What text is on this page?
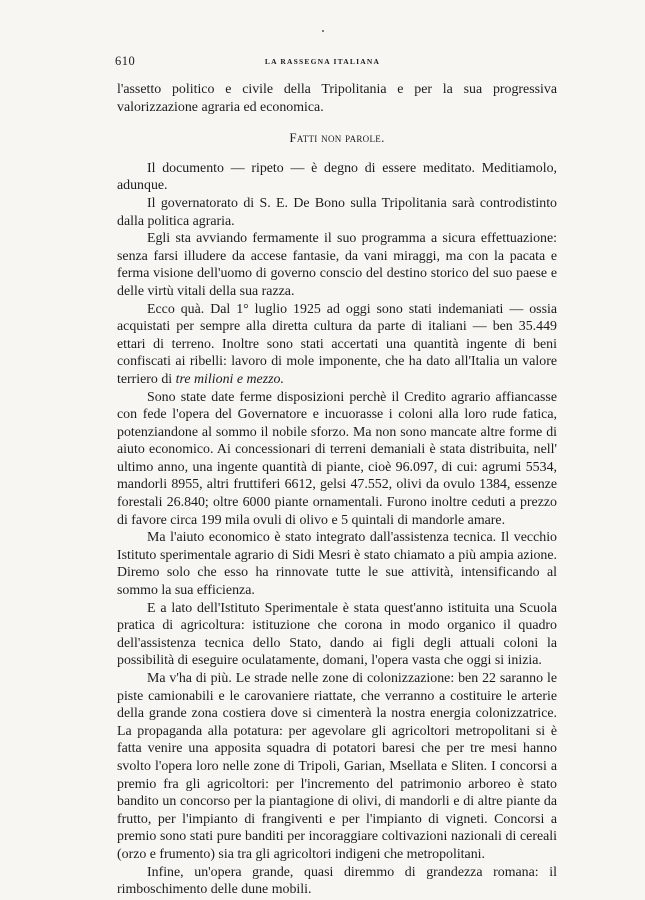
610	LA RASSEGNA ITALIANA

l'assetto politico e civile della Tripolitania e per la sua progressiva valorizzazione agraria ed economica.

Fatti non parole.

Il documento — ripeto — è degno di essere meditato. Meditiamolo, adunque.

Il governatorato di S. E. De Bono sulla Tripolitania sarà controdistinto dalla politica agraria.

Egli sta avviando fermamente il suo programma a sicura effettuazione: senza farsi illudere da accese fantasie, da vani miraggi, ma con la pacata e ferma visione dell'uomo di governo conscio del destino storico del suo paese e delle virtù vitali della sua razza.

Ecco quà. Dal 1° luglio 1925 ad oggi sono stati indemaniati — ossia acquistati per sempre alla diretta cultura da parte di italiani — ben 35.449 ettari di terreno. Inoltre sono stati accertati una quantità ingente di beni confiscati ai ribelli: lavoro di mole imponente, che ha dato all'Italia un valore terriero di tre milioni e mezzo.

Sono state date ferme disposizioni perchè il Credito agrario affiancasse con fede l'opera del Governatore e incuorasse i coloni alla loro rude fatica, potenziandone al sommo il nobile sforzo. Ma non sono mancate altre forme di aiuto economico. Ai concessionari di terreni demaniali è stata distribuita, nell' ultimo anno, una ingente quantità di piante, cioè 96.097, di cui: agrumi 5534, mandorli 8955, altri fruttiferi 6612, gelsi 47.552, olivi da ovulo 1384, essenze forestali 26.840; oltre 6000 piante ornamentali. Furono inoltre ceduti a prezzo di favore circa 199 mila ovuli di olivo e 5 quintali di mandorle amare.

Ma l'aiuto economico è stato integrato dall'assistenza tecnica. Il vecchio Istituto sperimentale agrario di Sidi Mesri è stato chiamato a più ampia azione. Diremo solo che esso ha rinnovate tutte le sue attività, intensificando al sommo la sua efficienza.

E a lato dell'Istituto Sperimentale è stata quest'anno istituita una Scuola pratica di agricoltura: istituzione che corona in modo organico il quadro dell'assistenza tecnica dello Stato, dando ai figli degli attuali coloni la possibilità di eseguire oculatamente, domani, l'opera vasta che oggi si inizia.

Ma v'ha di più. Le strade nelle zone di colonizzazione: ben 22 saranno le piste camionabili e le carovaniere riattate, che verranno a costituire le arterie della grande zona costiera dove si cimenterà la nostra energia colonizzatrice. La propaganda alla potatura: per agevolare gli agricoltori metropolitani si è fatta venire una apposita squadra di potatori baresi che per tre mesi hanno svolto l'opera loro nelle zone di Tripoli, Garian, Msellata e Sliten. I concorsi a premio fra gli agricoltori: per l'incremento del patrimonio arboreo è stato bandito un concorso per la piantagione di olivi, di mandorli e di altre piante da frutto, per l'impianto di frangiventi e per l'impianto di vigneti. Concorsi a premio sono stati pure banditi per incoraggiare coltivazioni nazionali di cereali (orzo e frumento) sia tra gli agricoltori indigeni che metropolitani.

Infine, un'opera grande, quasi diremmo di grandezza romana: il rimboschimento delle dune mobili.
